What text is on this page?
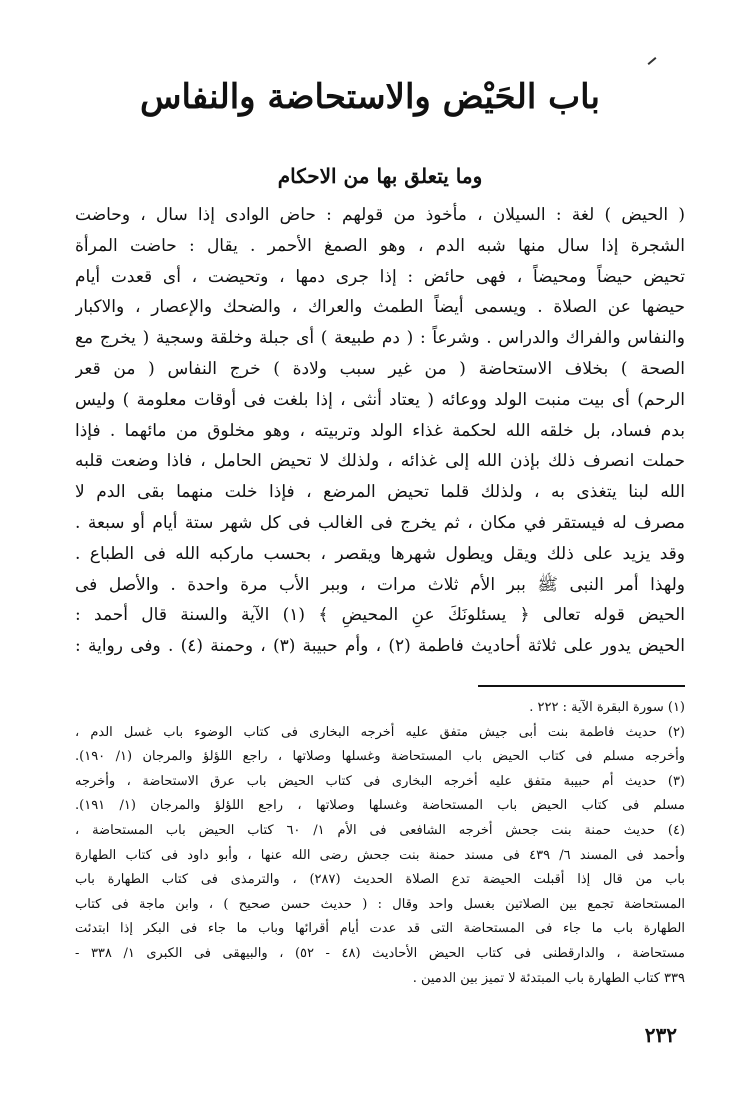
باب الحَيْض والاستحاضة والنفاس
وما يتعلق بها من الاحكام
( الحيض ) لغة : السيلان ، مأخوذ من قولهم : حاض الوادى إذا سال ، وحاضت
الشجرة إذا سال منها شبه الدم ، وهو الصمغ الأحمر . يقال : حاضت المرأة
تحيض حيضاً ومحيضاً ، فهى حائض : إذا جرى دمها ، وتحيضت ، أى قعدت أيام
حيضها عن الصلاة . ويسمى أيضاً الطمث والعراك ، والضحك والإعصار ، والاكبار
والنفاس والفراك والدراس . وشرعاً : ( دم طبيعة ) أى جبلة وخلقة وسجية ( يخرج مع
الصحة ) بخلاف الاستحاضة ( من غير سبب ولادة ) خرج النفاس ( من قعر
الرحم) أى بيت منبت الولد ووعائه ( يعتاد أنثى ، إذا بلغت فى أوقات معلومة ) وليس
بدم فساد، بل خلقه الله لحكمة غذاء الولد وتربيته ، وهو مخلوق من مائهما . فإذا
حملت انصرف ذلك بإذن الله إلى غذائه ، ولذلك لا تحيض الحامل ، فاذا وضعت قلبه
الله لبنا يتغذى به ، ولذلك قلما تحيض المرضع ، فإذا خلت منهما بقى الدم لا
مصرف له فيستقر في مكان ، ثم يخرج فى الغالب فى كل شهر ستة أيام أو سبعة .
وقد يزيد على ذلك ويقل ويطول شهرها ويقصر ، بحسب ماركبه الله فى الطباع .
ولهذا أمر النبى ﷺ ببر الأم ثلاث مرات ، وببر الأب مرة واحدة . والأصل فى
الحيض قوله تعالى ﴿ يسئلونَكَ عنِ المحيضِ ﴾ (١) الآية والسنة قال أحمد :
الحيض يدور على ثلاثة أحاديث فاطمة (٢) ، وأم حبيبة (٣) ، وحمنة (٤) . وفى رواية :
(١) سورة البقرة الآية : ٢٢٢ .
(٢) حديث فاطمة بنت أبى جيش متفق عليه أخرجه البخارى فى كتاب الوضوء باب غسل الدم ،
وأخرجه مسلم فى كتاب الحيض باب المستحاضة وغسلها وصلاتها ، راجع اللؤلؤ والمرجان (١/ ١٩٠).
(٣) حديث أم حبيبة متفق عليه أخرجه البخارى فى كتاب الحيض باب عرق الاستحاضة ، وأخرجه
مسلم فى كتاب الحيض باب المستحاضة وغسلها وصلاتها ، راجع اللؤلؤ والمرجان (١/ ١٩١).
(٤) حديث حمنة بنت جحش أخرجه الشافعى فى الأم ١/ ٦٠ كتاب الحيض باب المستحاضة ،
وأحمد فى المسند ٦/ ٤٣٩ فى مسند حمنة بنت جحش رضى الله عنها ، وأبو داود فى كتاب الطهارة
باب من قال إذا أقبلت الحيضة تدع الصلاة الحديث (٢٨٧) ، والترمذى فى كتاب الطهارة باب
المستحاضة تجمع بين الصلاتين بغسل واحد وقال : ( حديث حسن صحيح ) ، وابن ماجة فى كتاب
الطهارة باب ما جاء فى المستحاضة التى قد عدت أيام أقرائها وباب ما جاء فى البكر إذا ابتدئت
مستحاضة ، والدارقطنى فى كتاب الحيض الأحاديث (٤٨ - ٥٢) ، والبيهقى فى الكبرى ١/ ٣٣٨ -
٣٣٩ كتاب الطهارة باب المبتدئة لا تميز بين الدمين .
٢٣٢
